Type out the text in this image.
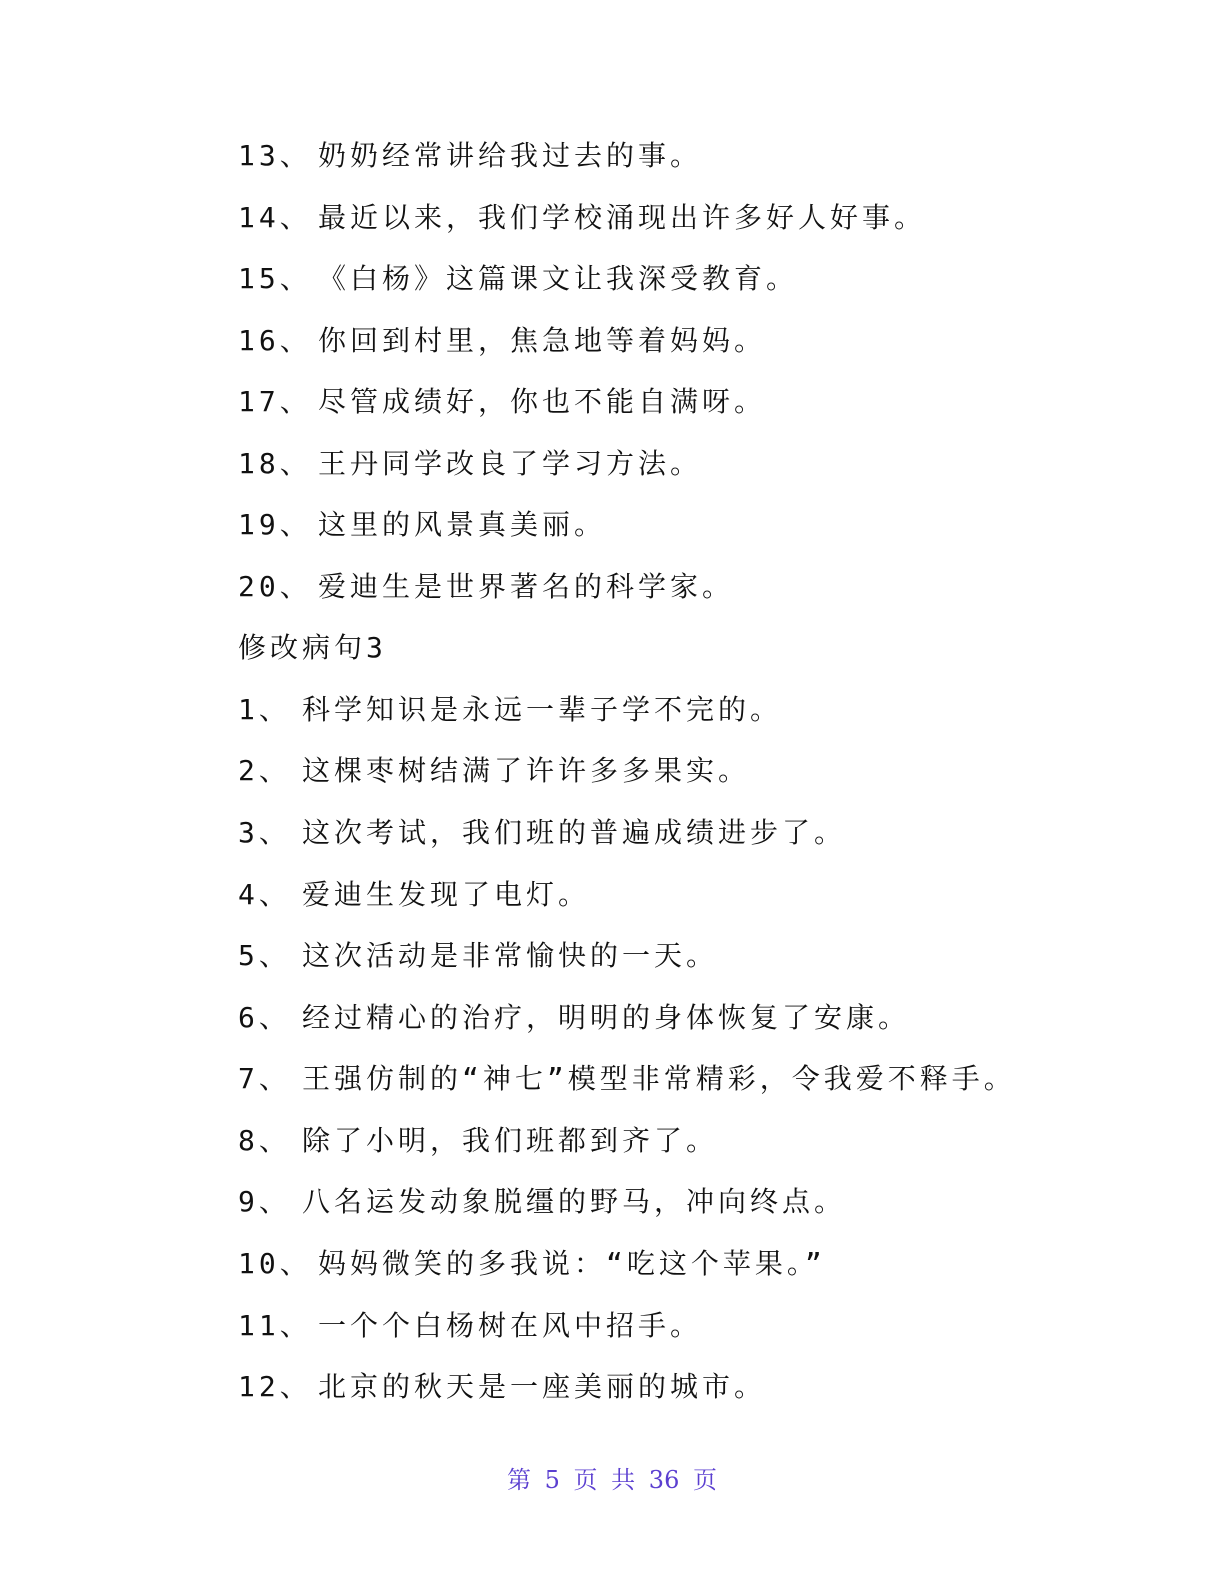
13、 奶奶经常讲给我过去的事。
14、 最近以来，我们学校涌现出许多好人好事。
15、 《白杨》这篇课文让我深受教育。
16、 你回到村里，焦急地等着妈妈。
17、 尽管成绩好，你也不能自满呀。
18、 王丹同学改良了学习方法。
19、 这里的风景真美丽。
20、 爱迪生是世界著名的科学家。
修改病句3
1、 科学知识是永远一辈子学不完的。
2、 这棵枣树结满了许许多多果实。
3、 这次考试，我们班的普遍成绩进步了。
4、 爱迪生发现了电灯。
5、 这次活动是非常愉快的一天。
6、 经过精心的治疗，明明的身体恢复了安康。
7、 王强仿制的“神七”模型非常精彩，令我爱不释手。
8、 除了小明，我们班都到齐了。
9、 八名运发动象脱缰的野马，冲向终点。
10、 妈妈微笑的多我说：“吃这个苹果。”
11、 一个个白杨树在风中招手。
12、 北京的秋天是一座美丽的城市。
第 5 页 共 36 页
